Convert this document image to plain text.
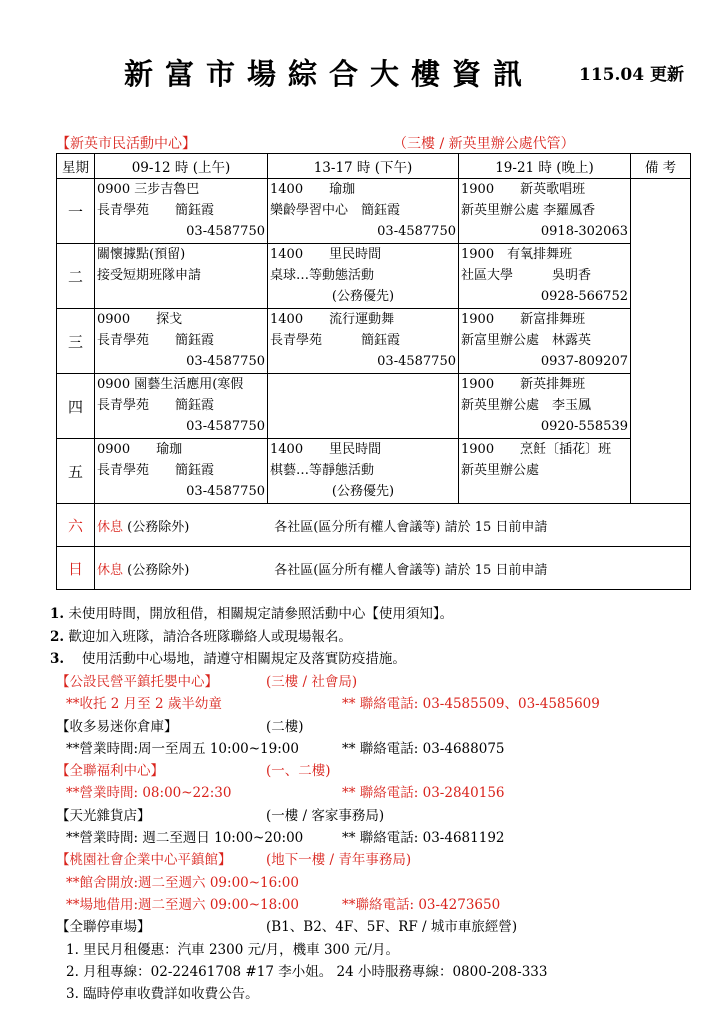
新富市場綜合大樓資訊	115.04 更新
【新英市民活動中心】	（三樓 / 新英里辦公處代管）
星期	09-12 時 (上午)	13-17 時 (下午)	19-21 時 (晚上)	備 考
一	0900 三步吉魯巴
長青學苑　　簡鈺霞
03-4587750	1400　　瑜珈
樂齡學習中心　簡鈺霞
03-4587750	1900　　新英歌唱班
新英里辦公處 李羅鳳香
0918-302063	

二	關懷據點(預留)
接受短期班隊申請	1400　　里民時間
桌球…等動態活動
(公務優先)	1900　有氧排舞班
社區大學　　　吳明香
0928-566752	

三	0900　　探戈
長青學苑　　簡鈺霞
03-4587750	1400　　流行運動舞
長青學苑　　　簡鈺霞
03-4587750	1900　　新富排舞班
新富里辦公處　林露英
0937-809207	

四	0900 園藝生活應用(寒假
長青學苑　　簡鈺霞
03-4587750		1900　　新英排舞班
新英里辦公處　李玉鳳
0920-558539	

五	0900　　瑜珈
長青學苑　　簡鈺霞
03-4587750	1400　　里民時間
棋藝…等靜態活動
(公務優先)	1900　　烹飪〔插花〕班
新英里辦公處	

六	休息 (公務除外) 各社區(區分所有權人會議等) 請於 15 日前申請			
日	休息 (公務除外) 各社區(區分所有權人會議等) 請於 15 日前申請			
1. 未使用時間，開放租借，相關規定請參照活動中心【使用須知】。
2. 歡迎加入班隊，請洽各班隊聯絡人或現場報名。
3. 　使用活動中心場地，請遵守相關規定及落實防疫措施。
【公設民營平鎮托嬰中心】	(三樓 / 社會局)
**收托 2 月至 2 歲半幼童	** 聯絡電話: 03-4585509、03-4585609
【收多易迷你倉庫】	(二樓)
**營業時間:周一至周五 10:00~19:00	** 聯絡電話: 03-4688075
【全聯福利中心】	(一、二樓)
**營業時間: 08:00~22:30	** 聯絡電話: 03-2840156
【天光雜貨店】	(一樓 / 客家事務局)
**營業時間: 週二至週日 10:00~20:00	** 聯絡電話: 03-4681192
【桃園社會企業中心平鎮館】	(地下一樓 / 青年事務局)
**館舍開放:週二至週六 09:00~16:00
**場地借用:週二至週六 09:00~18:00	**聯絡電話: 03-4273650
【全聯停車場】	(B1、B2、4F、5F、RF / 城市車旅經營)
1. 里民月租優惠：汽車 2300 元/月，機車 300 元/月。
2. 月租專線：02-22461708 #17 李小姐。 24 小時服務專線：0800-208-333
3. 臨時停車收費詳如收費公告。
